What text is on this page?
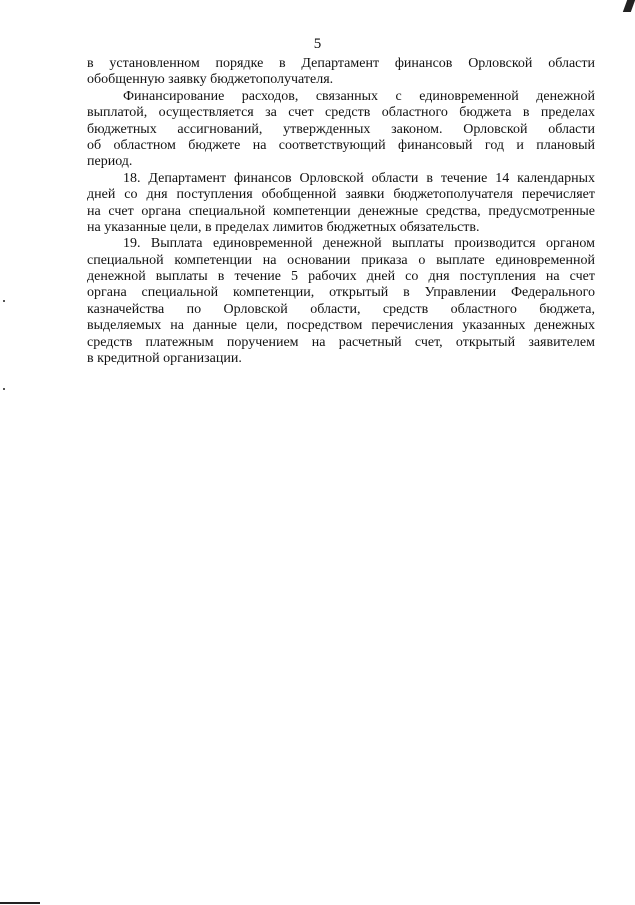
5
в установленном порядке в Департамент финансов Орловской области
обобщенную заявку бюджетополучателя.
Финансирование расходов, связанных с единовременной денежной
выплатой, осуществляется за счет средств областного бюджета в пределах
бюджетных ассигнований, утвержденных законом. Орловской области
об областном бюджете на соответствующий финансовый год и плановый
период.
18. Департамент финансов Орловской области в течение 14 календарных
дней со дня поступления обобщенной заявки бюджетополучателя перечисляет
на счет органа специальной компетенции денежные средства, предусмотренные
на указанные цели, в пределах лимитов бюджетных обязательств.
19. Выплата единовременной денежной выплаты производится органом
специальной компетенции на основании приказа о выплате единовременной
денежной выплаты в течение 5 рабочих дней со дня поступления на счет
органа специальной компетенции, открытый в Управлении Федерального
казначейства по Орловской области, средств областного бюджета,
выделяемых на данные цели, посредством перечисления указанных денежных
средств платежным поручением на расчетный счет, открытый заявителем
в кредитной организации.
